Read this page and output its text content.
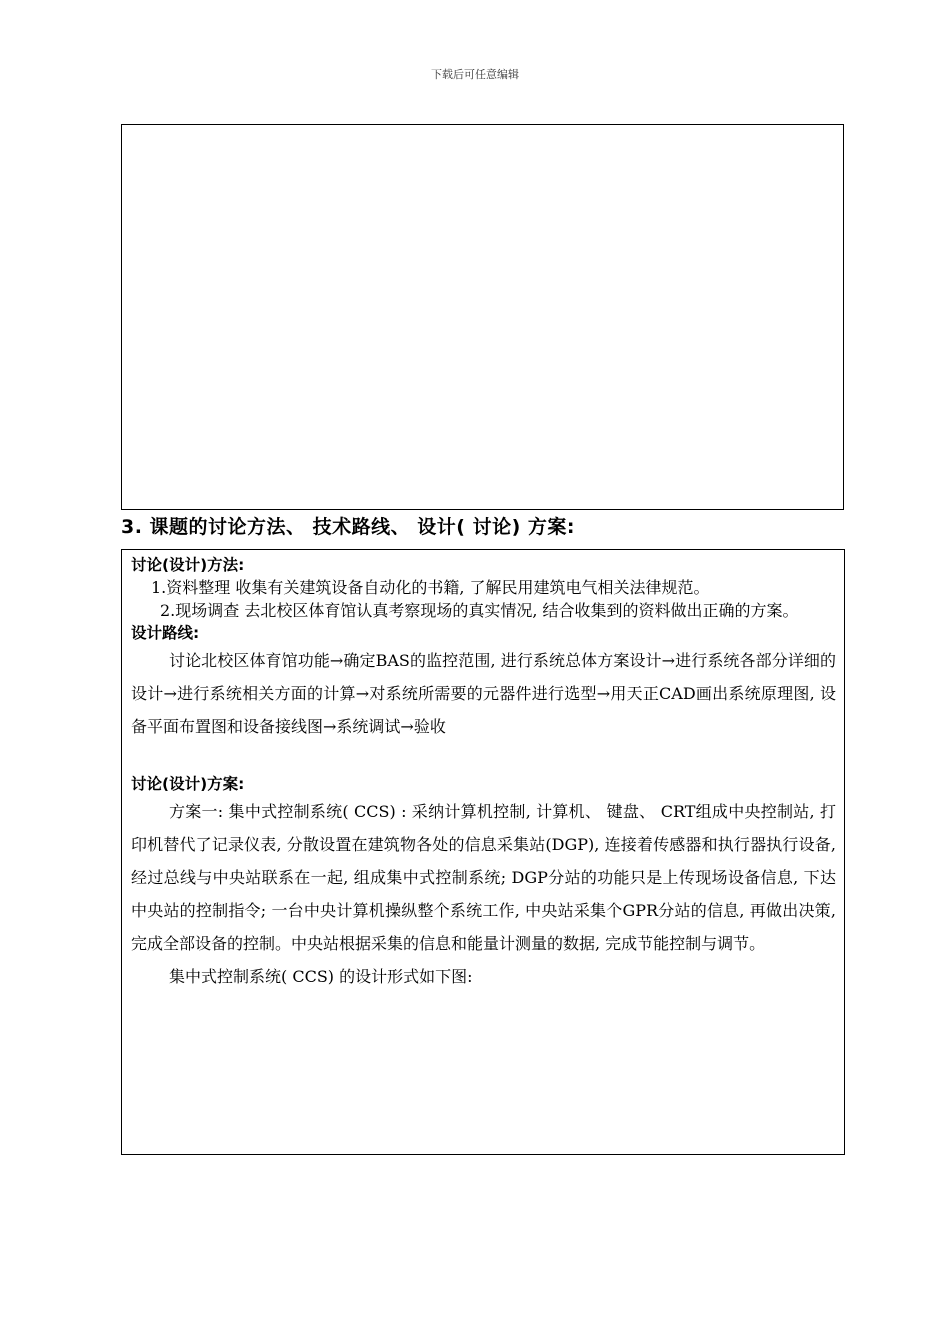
下载后可任意编辑
3. 课题的讨论方法、 技术路线、 设计( 讨论) 方案:
讨论(设计)方法:
1.资料整理 收集有关建筑设备自动化的书籍, 了解民用建筑电气相关法律规范。
2.现场调查 去北校区体育馆认真考察现场的真实情况, 结合收集到的资料做出正确的方案。
设计路线:
讨论北校区体育馆功能→确定BAS的监控范围, 进行系统总体方案设计→进行系统各部分详细的设计→进行系统相关方面的计算→对系统所需要的元器件进行选型→用天正CAD画出系统原理图, 设备平面布置图和设备接线图→系统调试→验收
讨论(设计)方案:
方案一: 集中式控制系统( CCS) : 采纳计算机控制, 计算机、 键盘、 CRT组成中央控制站, 打印机替代了记录仪表, 分散设置在建筑物各处的信息采集站(DGP), 连接着传感器和执行器执行设备, 经过总线与中央站联系在一起, 组成集中式控制系统; DGP分站的功能只是上传现场设备信息, 下达中央站的控制指令; 一台中央计算机操纵整个系统工作, 中央站采集个GPR分站的信息, 再做出决策, 完成全部设备的控制。中央站根据采集的信息和能量计测量的数据, 完成节能控制与调节。
集中式控制系统( CCS) 的设计形式如下图:
